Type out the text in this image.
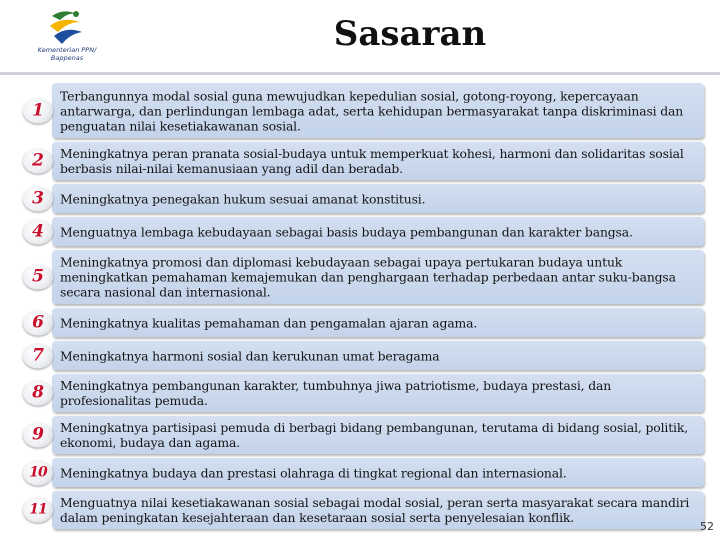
Kementerian PPN/
Bappenas
Sasaran
Terbangunnya modal sosial guna mewujudkan kepedulian sosial, gotong-royong, kepercayaan antarwarga, dan perlindungan lembaga adat, serta kehidupan bermasyarakat tanpa diskriminasi dan penguatan nilai kesetiakawanan sosial.
1
Meningkatnya peran pranata sosial-budaya untuk memperkuat kohesi, harmoni dan solidaritas sosial berbasis nilai-nilai kemanusiaan yang adil dan beradab.
2
Meningkatnya penegakan hukum sesuai amanat konstitusi.
3
Menguatnya lembaga kebudayaan sebagai basis budaya pembangunan dan karakter bangsa.
4
Meningkatnya promosi dan diplomasi kebudayaan sebagai upaya pertukaran budaya untuk meningkatkan pemahaman kemajemukan dan penghargaan terhadap perbedaan antar suku-bangsa secara nasional dan internasional.
5
Meningkatnya kualitas pemahaman dan pengamalan ajaran agama.
6
Meningkatnya harmoni sosial dan kerukunan umat beragama
7
Meningkatnya pembangunan karakter, tumbuhnya jiwa patriotisme, budaya prestasi, dan profesionalitas pemuda.
8
Meningkatnya partisipasi pemuda di berbagi bidang pembangunan, terutama di bidang sosial, politik, ekonomi, budaya dan agama.
9
Meningkatnya budaya dan prestasi olahraga di tingkat regional dan internasional.
10
Menguatnya nilai kesetiakawanan sosial sebagai modal sosial, peran serta masyarakat secara mandiri dalam peningkatan kesejahteraan dan kesetaraan sosial serta penyelesaian konflik.
11
52
